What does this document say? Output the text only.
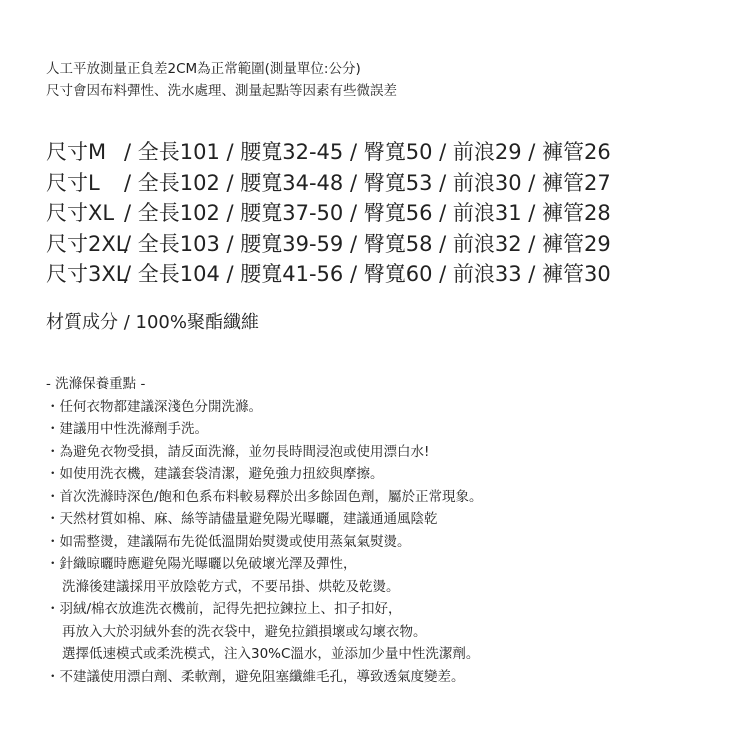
人工平放測量正負差2CM為正常範圍(測量單位:公分)
尺寸會因布料彈性、洗水處理、測量起點等因素有些微誤差
尺寸M / 全長101 / 腰寬32-45 / 臀寬50 / 前浪29 / 褲管26
尺寸L	/ 全長102 / 腰寬34-48 / 臀寬53 / 前浪30 / 褲管27
尺寸XL / 全長102 / 腰寬37-50 / 臀寬56 / 前浪31 / 褲管28
尺寸2XL
/ 全長103 / 腰寬39-59 / 臀寬58 / 前浪32 / 褲管29
尺寸3XL
/ 全長104 / 腰寬41-56 / 臀寬60 / 前浪33 / 褲管30
材質成分 / 100%聚酯纖維
- 洗滌保養重點 -
・任何衣物都建議深淺色分開洗滌。
・建議用中性洗滌劑手洗。
・為避免衣物受損，請反面洗滌，並勿長時間浸泡或使用漂白水!
・如使用洗衣機，建議套袋清潔，避免強力扭絞與摩擦。
・首次洗滌時深色/飽和色系布料較易釋於出多餘固色劑，屬於正常現象。
・天然材質如棉、麻、絲等請儘量避免陽光曝曬，建議通通風陰乾
・如需整燙，建議隔布先從低溫開始熨燙或使用蒸氣氣熨燙。
・針織晾曬時應避免陽光曝曬以免破壞光澤及彈性，
洗滌後建議採用平放陰乾方式，不要吊掛、烘乾及乾燙。
・羽絨/棉衣放進洗衣機前，記得先把拉鍊拉上、扣子扣好，
再放入大於羽絨外套的洗衣袋中，避免拉鎖損壞或勾壞衣物。
選擇低速模式或柔洗模式，注入30%C溫水，並添加少量中性洗潔劑。
・不建議使用漂白劑、柔軟劑，避免阻塞纖維毛孔，導致透氣度變差。
